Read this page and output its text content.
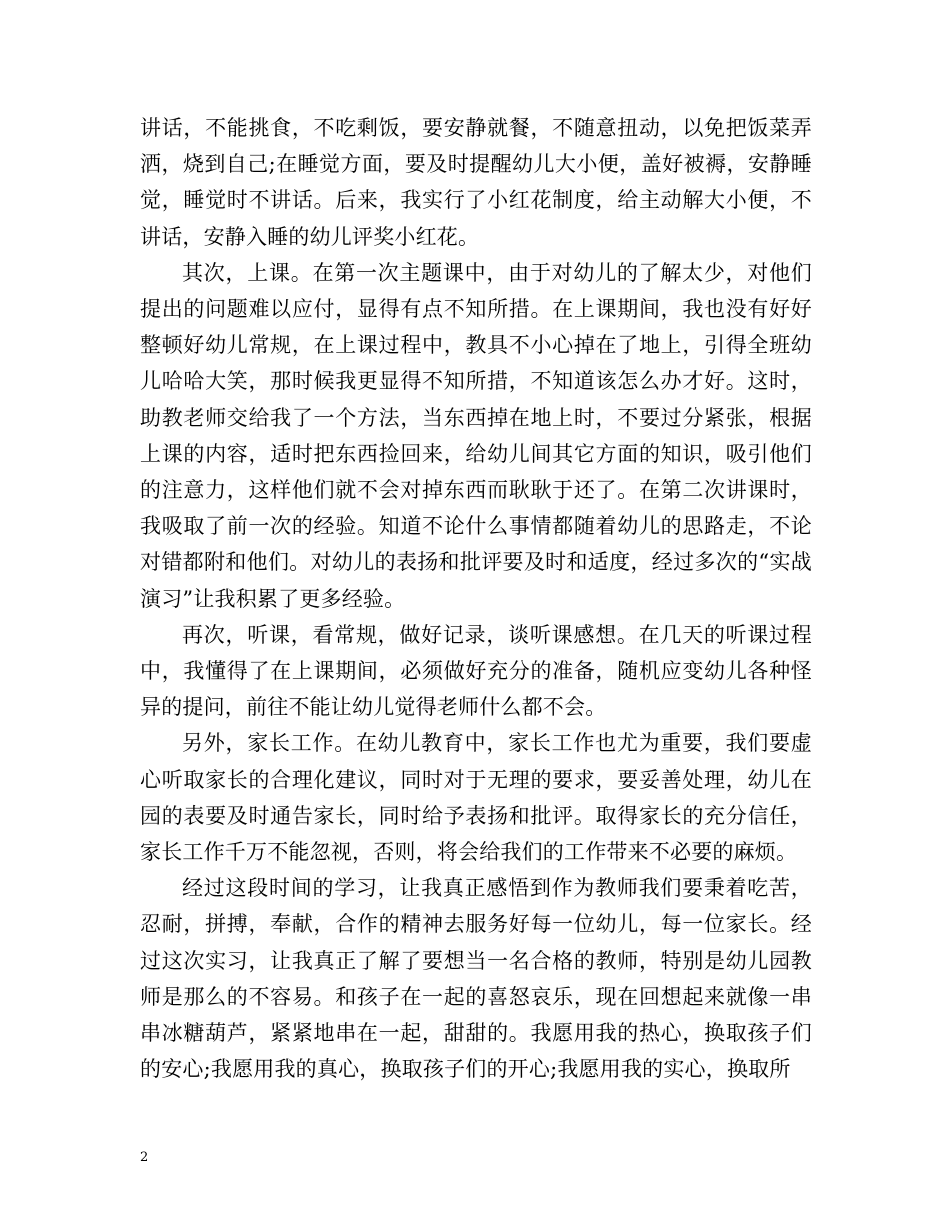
讲话，不能挑食，不吃剩饭，要安静就餐，不随意扭动，以免把饭菜弄洒，烧到自己;在睡觉方面，要及时提醒幼儿大小便，盖好被褥，安静睡觉，睡觉时不讲话。后来，我实行了小红花制度，给主动解大小便，不讲话，安静入睡的幼儿评奖小红花。

其次，上课。在第一次主题课中，由于对幼儿的了解太少，对他们提出的问题难以应付，显得有点不知所措。在上课期间，我也没有好好整顿好幼儿常规，在上课过程中，教具不小心掉在了地上，引得全班幼儿哈哈大笑，那时候我更显得不知所措，不知道该怎么办才好。这时，助教老师交给我了一个方法，当东西掉在地上时，不要过分紧张，根据上课的内容，适时把东西捡回来，给幼儿间其它方面的知识，吸引他们的注意力，这样他们就不会对掉东西而耿耿于还了。在第二次讲课时，我吸取了前一次的经验。知道不论什么事情都随着幼儿的思路走，不论对错都附和他们。对幼儿的表扬和批评要及时和适度，经过多次的“实战演习”让我积累了更多经验。

再次，听课，看常规，做好记录，谈听课感想。在几天的听课过程中，我懂得了在上课期间，必须做好充分的准备，随机应变幼儿各种怪异的提问，前往不能让幼儿觉得老师什么都不会。

另外，家长工作。在幼儿教育中，家长工作也尤为重要，我们要虚心听取家长的合理化建议，同时对于无理的要求，要妥善处理，幼儿在园的表要及时通告家长，同时给予表扬和批评。取得家长的充分信任，家长工作千万不能忽视，否则，将会给我们的工作带来不必要的麻烦。

经过这段时间的学习，让我真正感悟到作为教师我们要秉着吃苦，忍耐，拼搏，奉献，合作的精神去服务好每一位幼儿，每一位家长。经过这次实习，让我真正了解了要想当一名合格的教师，特别是幼儿园教师是那么的不容易。和孩子在一起的喜怒哀乐，现在回想起来就像一串串冰糖葫芦，紧紧地串在一起，甜甜的。我愿用我的热心，换取孩子们的安心;我愿用我的真心，换取孩子们的开心;我愿用我的实心，换取所

2
